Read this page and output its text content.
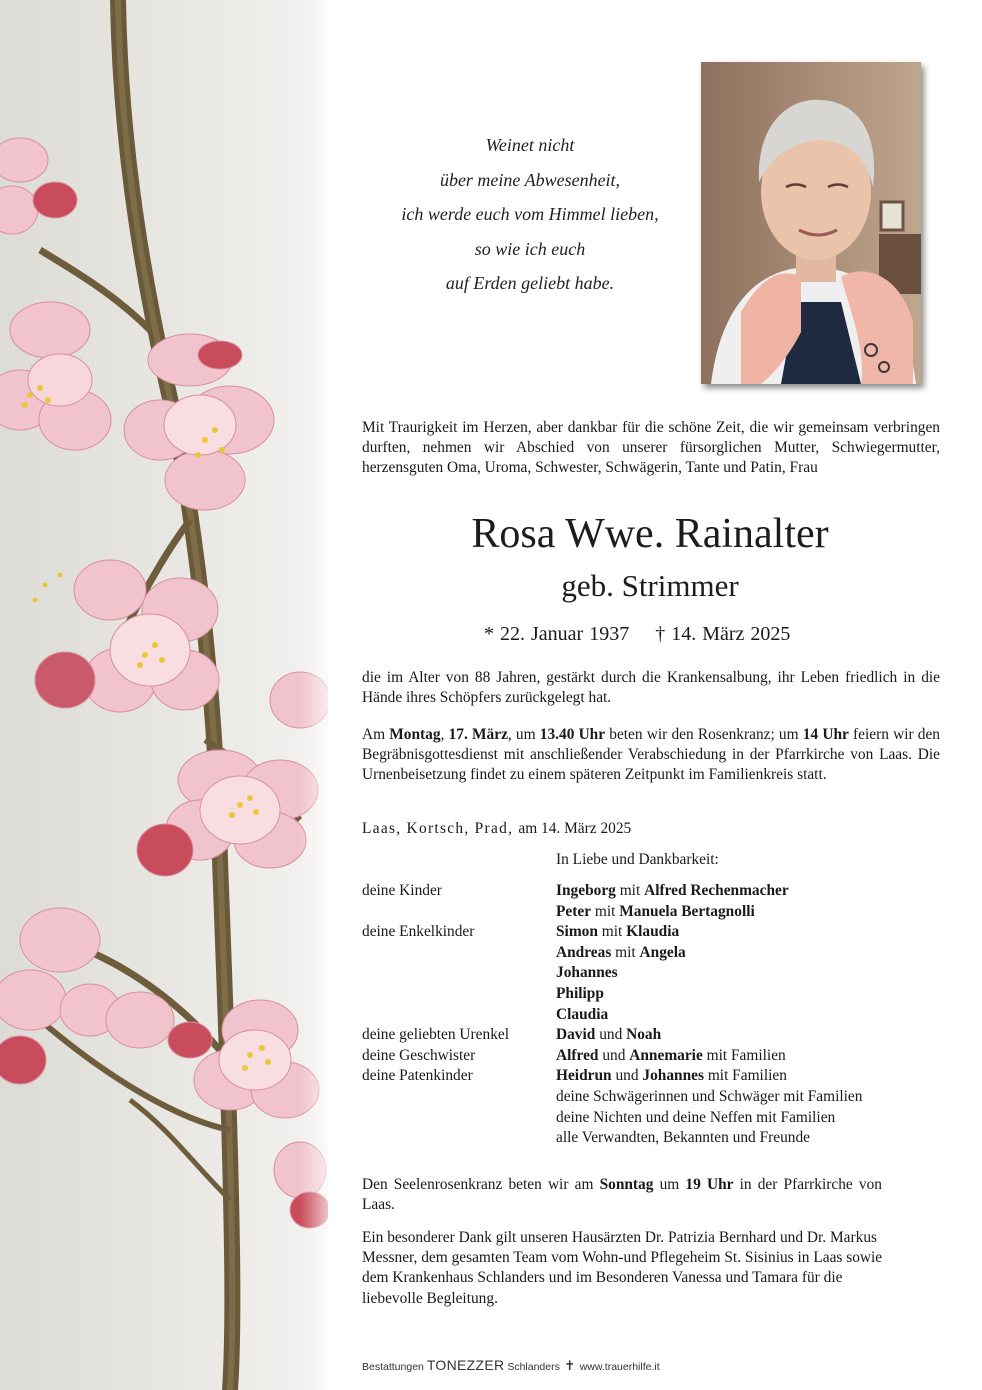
Weinet nicht
über meine Abwesenheit,
ich werde euch vom Himmel lieben,
so wie ich euch
auf Erden geliebt habe.
Mit Traurigkeit im Herzen, aber dankbar für die schöne Zeit, die wir gemeinsam verbringen durften, nehmen wir Abschied von unserer fürsorglichen Mutter, Schwiegermutter, herzensguten Oma, Uroma, Schwester, Schwägerin, Tante und Patin, Frau
Rosa Wwe. Rainalter
geb. Strimmer
* 22. Januar 1937 † 14. März 2025
die im Alter von 88 Jahren, gestärkt durch die Krankensalbung, ihr Leben friedlich in die Hände ihres Schöpfers zurückgelegt hat.
Am Montag, 17. März, um 13.40 Uhr beten wir den Rosenkranz; um 14 Uhr feiern wir den Begräbnisgottesdienst mit anschließender Verabschiedung in der Pfarrkirche von Laas. Die Urnenbeisetzung findet zu einem späteren Zeitpunkt im Familienkreis statt.
Laas, Kortsch, Prad, am 14. März 2025
In Liebe und Dankbarkeit:
deine Kinder	Ingeborg mit Alfred Rechenmacher
Peter mit Manuela Bertagnolli
deine Enkelkinder	Simon mit Klaudia
Andreas mit Angela
Johannes
Philipp
Claudia
deine geliebten Urenkel	David und Noah
deine Geschwister	Alfred und Annemarie mit Familien
deine Patenkinder	Heidrun und Johannes mit Familien
deine Schwägerinnen und Schwäger mit Familien
deine Nichten und deine Neffen mit Familien
alle Verwandten, Bekannten und Freunde
Den Seelenrosenkranz beten wir am Sonntag um 19 Uhr in der Pfarrkirche von Laas.
Ein besonderer Dank gilt unseren Hausärzten Dr. Patrizia Bernhard und Dr. Markus Messner, dem gesamten Team vom Wohn-und Pflegeheim St. Sisinius in Laas sowie dem Krankenhaus Schlanders und im Besonderen Vanessa und Tamara für die liebevolle Begleitung.
Bestattungen TONEZZER Schlanders ✝ www.trauerhilfe.it
